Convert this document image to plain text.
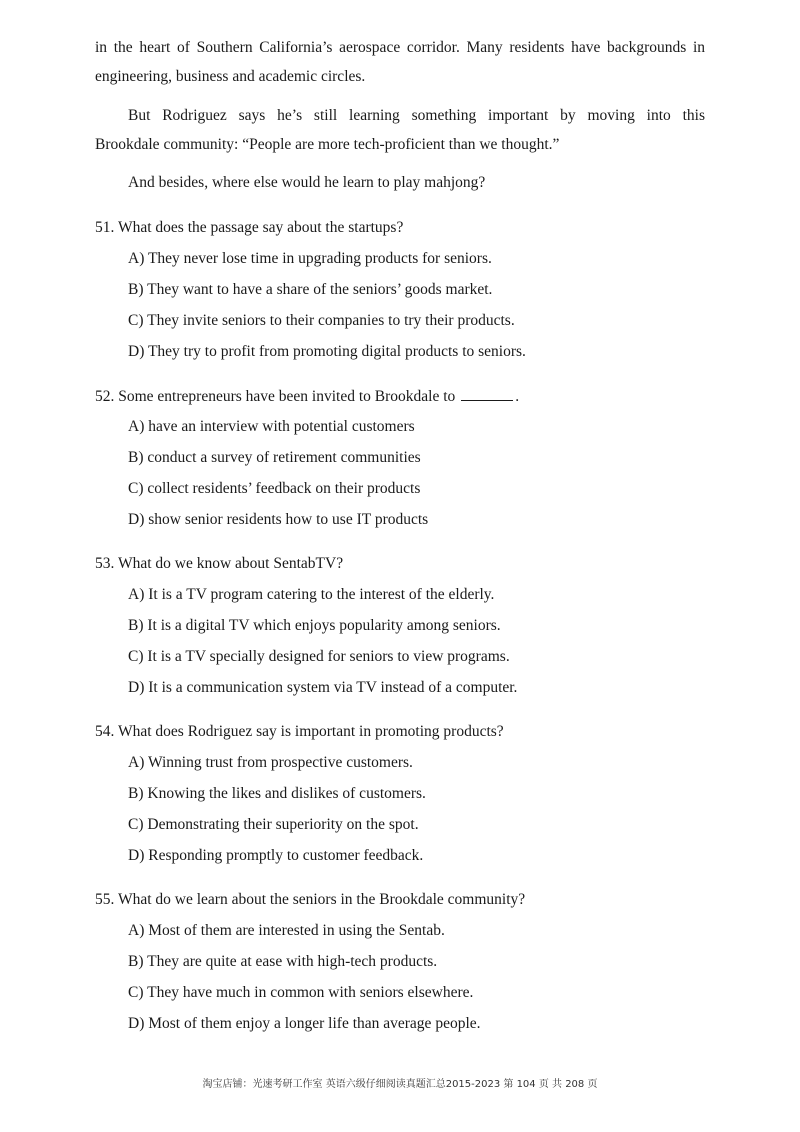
in the heart of Southern California’s aerospace corridor. Many residents have backgrounds in
engineering, business and academic circles.
But Rodriguez says he’s still learning something important by moving into this
Brookdale community: “People are more tech-proficient than we thought.”
And besides, where else would he learn to play mahjong?
51. What does the passage say about the startups?
A) They never lose time in upgrading products for seniors.
B) They want to have a share of the seniors’ goods market.
C) They invite seniors to their companies to try their products.
D) They try to profit from promoting digital products to seniors.
52. Some entrepreneurs have been invited to Brookdale to	.
A) have an interview with potential customers
B) conduct a survey of retirement communities
C) collect residents’ feedback on their products
D) show senior residents how to use IT products
53. What do we know about SentabTV?
A) It is a TV program catering to the interest of the elderly.
B) It is a digital TV which enjoys popularity among seniors.
C) It is a TV specially designed for seniors to view programs.
D) It is a communication system via TV instead of a computer.
54. What does Rodriguez say is important in promoting products?
A) Winning trust from prospective customers.
B) Knowing the likes and dislikes of customers.
C) Demonstrating their superiority on the spot.
D) Responding promptly to customer feedback.
55. What do we learn about the seniors in the Brookdale community?
A) Most of them are interested in using the Sentab.
B) They are quite at ease with high-tech products.
C) They have much in common with seniors elsewhere.
D) Most of them enjoy a longer life than average people.
淘宝店铺：光速考研工作室 英语六级仔细阅读真题汇总2015-2023 第 104 页 共 208 页
